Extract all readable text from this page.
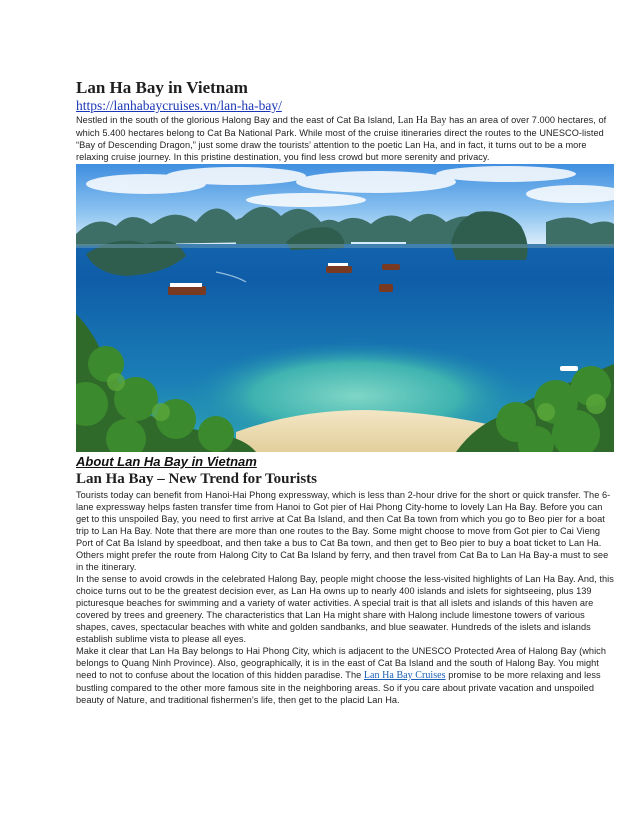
Lan Ha Bay in Vietnam
https://lanhabaycruises.vn/lan-ha-bay/

Nestled in the south of the glorious Halong Bay and the east of Cat Ba Island, Lan Ha Bay has an area of over 7.000 hectares, of which 5.400 hectares belong to Cat Ba National Park. While most of the cruise itineraries direct the routes to the UNESCO-listed “Bay of Descending Dragon,” just some draw the tourists’ attention to the poetic Lan Ha, and in fact, it turns out to be a more relaxing cruise journey. In this pristine destination, you find less crowd but more serenity and privacy.

About Lan Ha Bay in Vietnam
Lan Ha Bay – New Trend for Tourists

Tourists today can benefit from Hanoi-Hai Phong expressway, which is less than 2-hour drive for the short or quick transfer. The 6-lane expressway helps fasten transfer time from Hanoi to Got pier of Hai Phong City-home to lovely Lan Ha Bay. Before you can get to this unspoiled Bay, you need to first arrive at Cat Ba Island, and then Cat Ba town from which you go to Beo pier for a boat trip to Lan Ha Bay. Note that there are more than one routes to the Bay. Some might choose to move from Got pier to Cai Vieng Port of Cat Ba Island by speedboat, and then take a bus to Cat Ba town, and then get to Beo pier to buy a boat ticket to Lan Ha. Others might prefer the route from Halong City to Cat Ba Island by ferry, and then travel from Cat Ba to Lan Ha Bay-a must to see in the itinerary.

In the sense to avoid crowds in the celebrated Halong Bay, people might choose the less-visited highlights of Lan Ha Bay. And, this choice turns out to be the greatest decision ever, as Lan Ha owns up to nearly 400 islands and islets for sightseeing, plus 139 picturesque beaches for swimming and a variety of water activities. A special trait is that all islets and islands of this haven are covered by trees and greenery. The characteristics that Lan Ha might share with Halong include limestone towers of various shapes, caves, spectacular beaches with white and golden sandbanks, and blue seawater. Hundreds of the islets and islands establish sublime vista to please all eyes.

Make it clear that Lan Ha Bay belongs to Hai Phong City, which is adjacent to the UNESCO Protected Area of Halong Bay (which belongs to Quang Ninh Province). Also, geographically, it is in the east of Cat Ba Island and the south of Halong Bay. You might need to not to confuse about the location of this hidden paradise. The Lan Ha Bay Cruises promise to be more relaxing and less bustling compared to the other more famous site in the neighboring areas. So if you care about private vacation and unspoiled beauty of Nature, and traditional fishermen’s life, then get to the placid Lan Ha.
